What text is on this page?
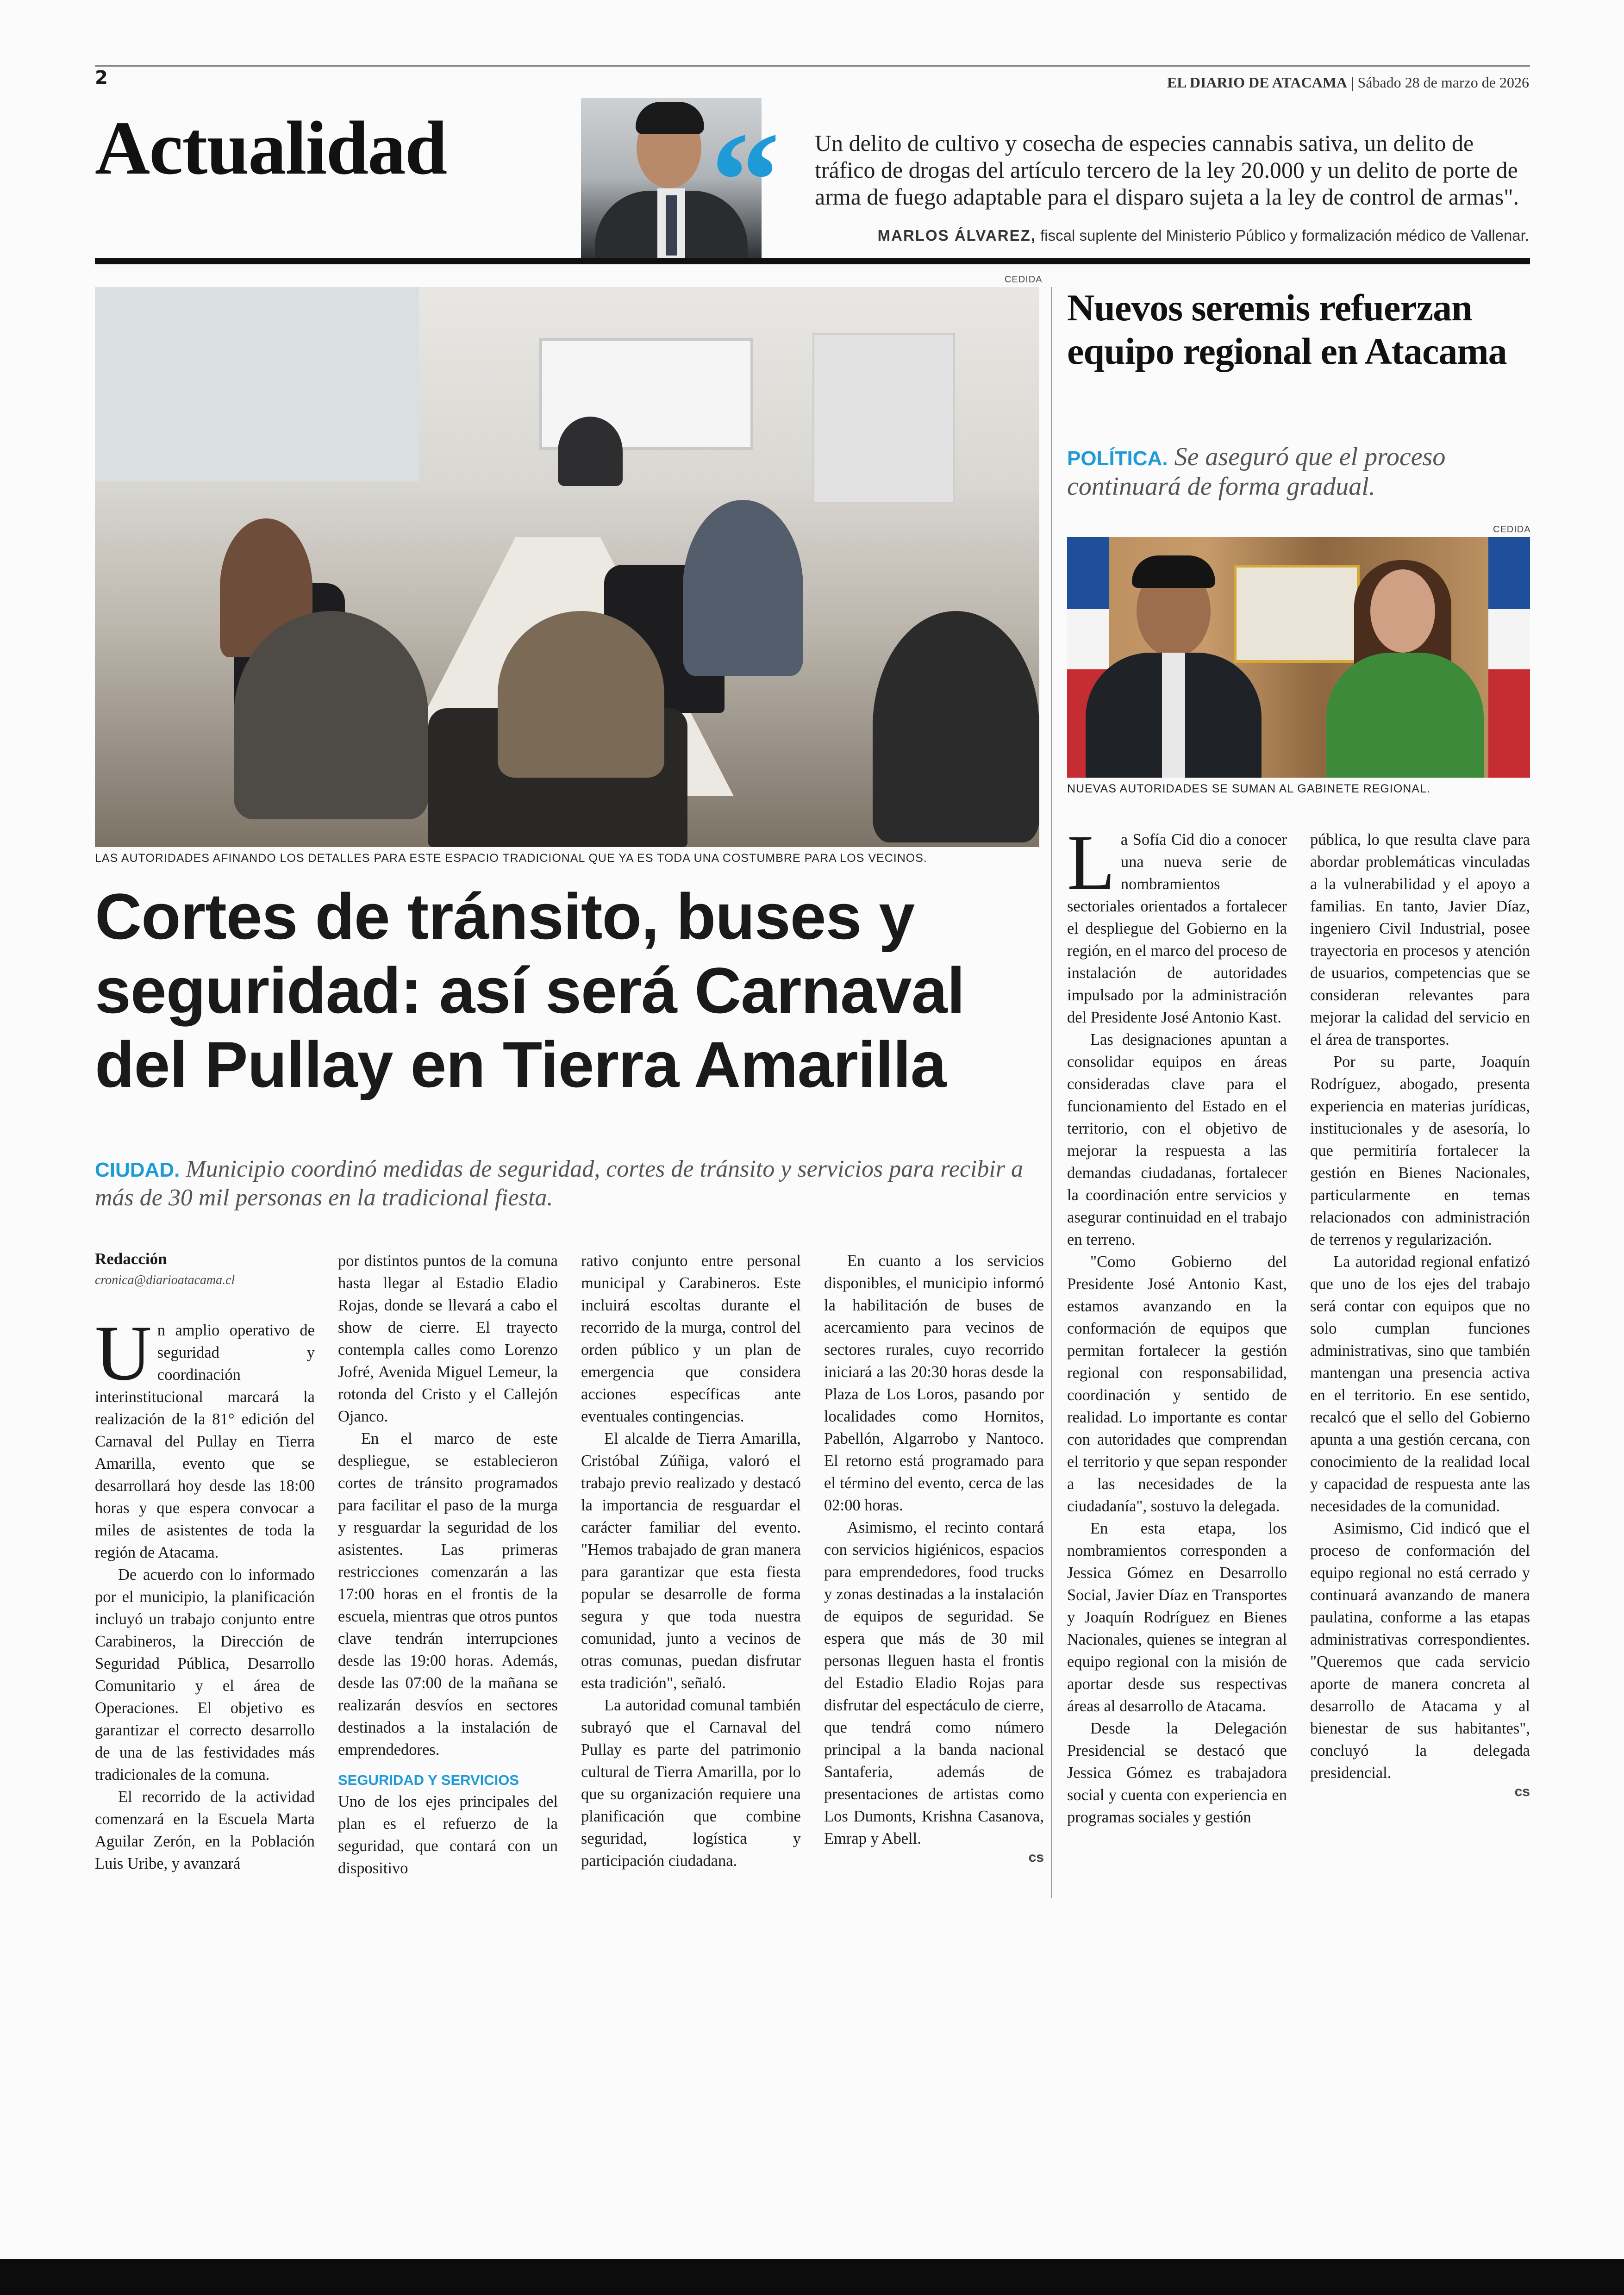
2	EL DIARIO DE ATACAMA | Sábado 28 de marzo de 2026
Actualidad “ Un delito de cultivo y cosecha de especies cannabis sativa, un delito de tráfico de drogas del artículo tercero de la ley 20.000 y un delito de porte de arma de fuego adaptable para el disparo sujeta a la ley de control de armas".
MARLOS ÁLVAREZ, fiscal suplente del Ministerio Público y formalización médico de Vallenar.
CEDIDA
LAS AUTORIDADES AFINANDO LOS DETALLES PARA ESTE ESPACIO TRADICIONAL QUE YA ES TODA UNA COSTUMBRE PARA LOS VECINOS.
Cortes de tránsito, buses y seguridad: así será Carnaval del Pullay en Tierra Amarilla
CIUDAD. Municipio coordinó medidas de seguridad, cortes de tránsito y servicios para recibir a más de 30 mil personas en la tradicional fiesta.
Redacción
cronica@diarioatacama.cl

Un amplio operativo de seguridad y coordinación interinstitucional marcará la realización de la 81° edición del Carnaval del Pullay en Tierra Amarilla, evento que se desarrollará hoy desde las 18:00 horas y que espera convocar a miles de asistentes de toda la región de Atacama.

De acuerdo con lo informado por el municipio, la planificación incluyó un trabajo conjunto entre Carabineros, la Dirección de Seguridad Pública, Desarrollo Comunitario y el área de Operaciones. El objetivo es garantizar el correcto desarrollo de una de las festividades más tradicionales de la comuna.

El recorrido de la actividad comenzará en la Escuela Marta Aguilar Zerón, en la Población Luis Uribe, y avanzará

por distintos puntos de la comuna hasta llegar al Estadio Eladio Rojas, donde se llevará a cabo el show de cierre. El trayecto contempla calles como Lorenzo Jofré, Avenida Miguel Lemeur, la rotonda del Cristo y el Callejón Ojanco.

En el marco de este despliegue, se establecieron cortes de tránsito programados para facilitar el paso de la murga y resguardar la seguridad de los asistentes. Las primeras restricciones comenzarán a las 17:00 horas en el frontis de la escuela, mientras que otros puntos clave tendrán interrupciones desde las 19:00 horas. Además, desde las 07:00 de la mañana se realizarán desvíos en sectores destinados a la instalación de emprendedores.

SEGURIDAD Y SERVICIOS

Uno de los ejes principales del plan es el refuerzo de la seguridad, que contará con un dispositivo

rativo conjunto entre personal municipal y Carabineros. Este incluirá escoltas durante el recorrido de la murga, control del orden público y un plan de emergencia que considera acciones específicas ante eventuales contingencias.

El alcalde de Tierra Amarilla, Cristóbal Zúñiga, valoró el trabajo previo realizado y destacó la importancia de resguardar el carácter familiar del evento. "Hemos trabajado de gran manera para garantizar que esta fiesta popular se desarrolle de forma segura y que toda nuestra comunidad, junto a vecinos de otras comunas, puedan disfrutar esta tradición", señaló.

La autoridad comunal también subrayó que el Carnaval del Pullay es parte del patrimonio cultural de Tierra Amarilla, por lo que su organización requiere una planificación que combine seguridad, logística y participación ciudadana.

En cuanto a los servicios disponibles, el municipio informó la habilitación de buses de acercamiento para vecinos de sectores rurales, cuyo recorrido iniciará a las 20:30 horas desde la Plaza de Los Loros, pasando por localidades como Hornitos, Pabellón, Algarrobo y Nantoco. El retorno está programado para el término del evento, cerca de las 02:00 horas.

Asimismo, el recinto contará con servicios higiénicos, espacios para emprendedores, food trucks y zonas destinadas a la instalación de equipos de seguridad. Se espera que más de 30 mil personas lleguen hasta el frontis del Estadio Eladio Rojas para disfrutar del espectáculo de cierre, que tendrá como número principal a la banda nacional Santaferia, además de presentaciones de artistas como Los Dumonts, Krishna Casanova, Emrap y Abell.

cs
Nuevos seremis refuerzan equipo regional en Atacama
POLÍTICA. Se aseguró que el proceso continuará de forma gradual.
CEDIDA
NUEVAS AUTORIDADES SE SUMAN AL GABINETE REGIONAL.

La Sofía Cid dio a conocer una nueva serie de nombramientos sectoriales orientados a fortalecer el despliegue del Gobierno en la región, en el marco del proceso de instalación de autoridades impulsado por la administración del Presidente José Antonio Kast.

Las designaciones apuntan a consolidar equipos en áreas consideradas clave para el funcionamiento del Estado en el territorio, con el objetivo de mejorar la respuesta a las demandas ciudadanas, fortalecer la coordinación entre servicios y asegurar continuidad en el trabajo en terreno.

"Como Gobierno del Presidente José Antonio Kast, estamos avanzando en la conformación de equipos que permitan fortalecer la gestión regional con responsabilidad, coordinación y sentido de realidad. Lo importante es contar con autoridades que comprendan el territorio y que sepan responder a las necesidades de la ciudadanía", sostuvo la delegada.

En esta etapa, los nombramientos corresponden a Jessica Gómez en Desarrollo Social, Javier Díaz en Transportes y Joaquín Rodríguez en Bienes Nacionales, quienes se integran al equipo regional con la misión de aportar desde sus respectivas áreas al desarrollo de Atacama.

Desde la Delegación Presidencial se destacó que Jessica Gómez es trabajadora social y cuenta con experiencia en programas sociales y gestión

pública, lo que resulta clave para abordar problemáticas vinculadas a la vulnerabilidad y el apoyo a familias. En tanto, Javier Díaz, ingeniero Civil Industrial, posee trayectoria en procesos y atención de usuarios, competencias que se consideran relevantes para mejorar la calidad del servicio en el área de transportes.

Por su parte, Joaquín Rodríguez, abogado, presenta experiencia en materias jurídicas, institucionales y de asesoría, lo que permitiría fortalecer la gestión en Bienes Nacionales, particularmente en temas relacionados con administración de terrenos y regularización.

La autoridad regional enfatizó que uno de los ejes del trabajo será contar con equipos que no solo cumplan funciones administrativas, sino que también mantengan una presencia activa en el territorio. En ese sentido, recalcó que el sello del Gobierno apunta a una gestión cercana, con conocimiento de la realidad local y capacidad de respuesta ante las necesidades de la comunidad.

Asimismo, Cid indicó que el proceso de conformación del equipo regional no está cerrado y continuará avanzando de manera paulatina, conforme a las etapas administrativas correspondientes. "Queremos que cada servicio aporte de manera concreta al desarrollo de Atacama y al bienestar de sus habitantes", concluyó la delegada presidencial.

cs
